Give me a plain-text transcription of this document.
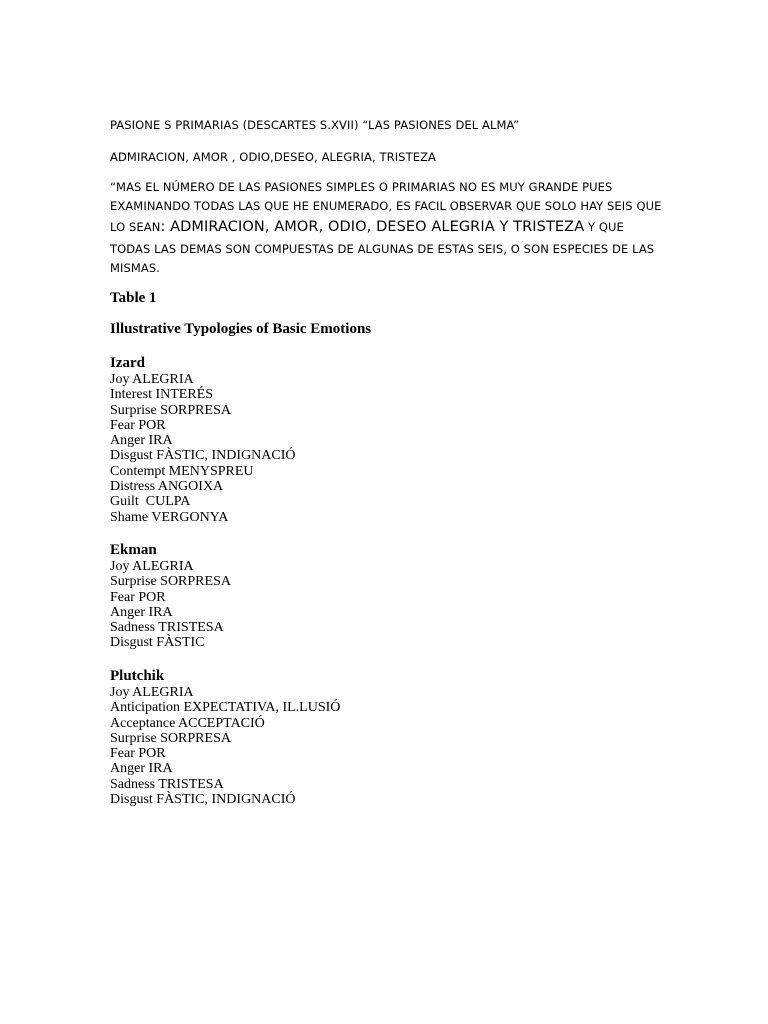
PASIONE S PRIMARIAS (DESCARTES S.XVII) “LAS PASIONES DEL ALMA”

ADMIRACION, AMOR , ODIO,DESEO, ALEGRIA, TRISTEZA

“MAS EL NÚMERO DE LAS PASIONES SIMPLES O PRIMARIAS NO ES MUY GRANDE PUES

EXAMINANDO TODAS LAS QUE HE ENUMERADO, ES FACIL OBSERVAR QUE SOLO HAY SEIS QUE

LO SEAN: ADMIRACION, AMOR, ODIO, DESEO ALEGRIA Y TRISTEZA Y QUE

TODAS LAS DEMAS SON COMPUESTAS DE ALGUNAS DE ESTAS SEIS, O SON ESPECIES DE LAS

MISMAS.

Table 1

Illustrative Typologies of Basic Emotions

Izard

Joy ALEGRIA
Interest INTERÉS
Surprise SORPRESA
Fear POR
Anger IRA
Disgust FÀSTIC, INDIGNACIÓ
Contempt MENYSPREU
Distress ANGOIXA
Guilt  CULPA
Shame VERGONYA

Ekman

Joy ALEGRIA
Surprise SORPRESA
Fear POR
Anger IRA
Sadness TRISTESA
Disgust FÀSTIC

Plutchik

Joy ALEGRIA
Anticipation EXPECTATIVA, IL.LUSIÓ
Acceptance ACCEPTACIÓ
Surprise SORPRESA
Fear POR
Anger IRA
Sadness TRISTESA
Disgust FÀSTIC, INDIGNACIÓ
